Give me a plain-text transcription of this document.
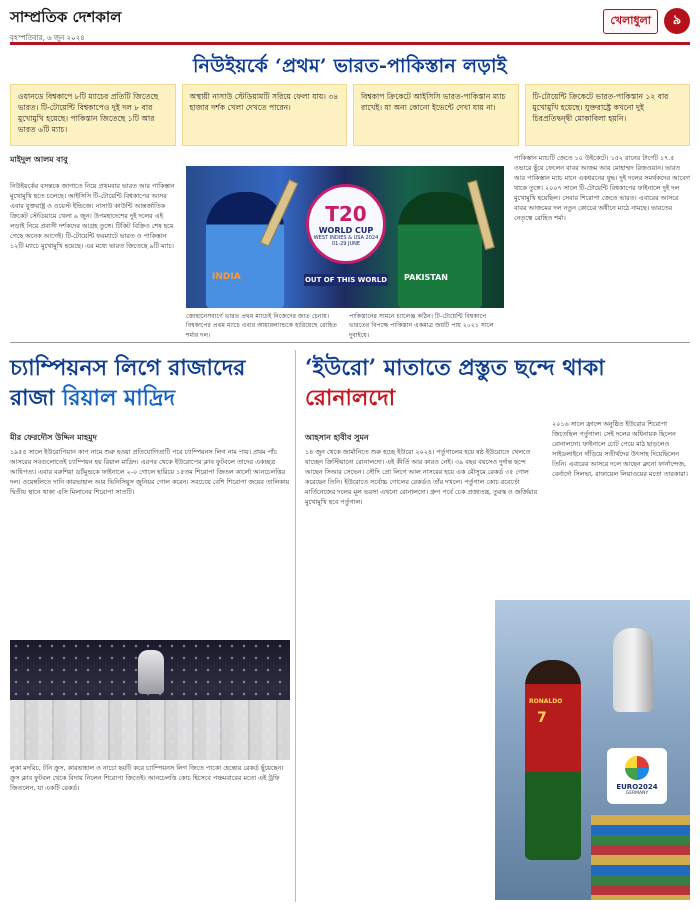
সাম্প্রতিক দেশকাল
বৃহস্পতিবার, ৬ জুন ২০২৪
খেলাধুলা	৯
নিউইয়র্কে ‘প্রথম’ ভারত-পাকিস্তান লড়াই
ওয়ানডে বিশ্বকাপে ৮টি ম্যাচের প্রতিটি জিতেছে ভারত। টি-টোয়েন্টি বিশ্বকাপেও দুই দল ৮ বার মুখোমুখি হয়েছে। পাকিস্তান জিতেছে ১টি আর ভারত ৬টি ম্যাচ।
অস্থায়ী নাসাউ স্টেডিয়ামটি সরিয়ে ফেলা যায়। ৩৪ হাজার দর্শক খেলা দেখতে পারেন।
বিশ্বকাপ ক্রিকেটে আইসিসি ভারত-পাকিস্তান ম্যাচ রাখেই। যা অন্য কোনো ইভেন্টে দেখা যায় না।
টি-টোয়েন্টি ক্রিকেটে ভারত-পাকিস্তান ১২ বার মুখোমুখি হয়েছে। যুক্তরাষ্ট্রে কখনো দুই চিরপ্রতিদ্বন্দ্বী মোকাবিলা হয়নি।
মাইদুল আলম বাবু

নিউইয়র্কের বসন্তকে জাগাতে নিয়ে প্রথমবার ভারত আর পাকিস্তান মুখোমুখি হতে চলেছে। আইসিসি টি-টোয়েন্টি বিশ্বকাপের আসর এবার যুক্তরাষ্ট্র ও ওয়েস্ট ইন্ডিজে। নাসাউ কাউন্টি আন্তর্জাতিক ক্রিকেট স্টেডিয়ামে খেলা ৯ জুন। উপমহাদেশের দুই দলের এই লড়াই নিয়ে প্রবাসী দর্শকদের আগ্রহ তুঙ্গে। টিকিট বিক্রিও শেষ হয়ে গেছে অনেক আগেই। টি-টোয়েন্টি ফরম্যাটে ভারত ও পাকিস্তান ১২টি ম্যাচে মুখোমুখি হয়েছে। এর মধ্যে ভারত জিতেছে ৯টি ম্যাচ।

INDIA
T20
WORLD CUP
WEST INDIES & USA 2024
01-29 JUNE
OUT OF THIS WORLD PAKISTAN

জোহানেসবার্গে ভারত প্রথম ম্যাচেই নিজেদের জাত চেনায়। বিশ্বকাপের প্রথম ম্যাচে এবার আয়ারল্যান্ডকে হারিয়েছে রোহিত শর্মার দল।

পাকিস্তানের সামনে চ্যালেঞ্জ কঠিন। টি-টোয়েন্টি বিশ্বকাপে ভারতের বিপক্ষে পাকিস্তান একমাত্র জয়টি পায় ২০২১ সালে দুবাইয়ে।

পাকিস্তান ম্যাচটি জেতে ১০ উইকেটে। ১৫২ রানের টার্গেট ১৭.৫ ওভারে ছুঁয়ে ফেলেন বাবর আজম আর মোহাম্মদ রিজওয়ান। ভারত আর পাকিস্তান ম্যাচ মানে একধরনের যুদ্ধ। দুই দলের সমর্থকদের আবেগ থাকে তুঙ্গে। ২০০৭ সালে টি-টোয়েন্টি বিশ্বকাপের ফাইনালে দুই দল মুখোমুখি হয়েছিল। সেবার শিরোপা জেতে ভারত। এবারের আসরে বাবর আজমের দল নতুন কোচের অধীনে মাঠে নামছে। ভারতের নেতৃত্বে রোহিত শর্মা।

চ্যাম্পিয়নস লিগে রাজাদের রাজা রিয়াল মাদ্রিদ
মীর ফেরদৌস উদ্দিন মাহমুদ

১৯৫৫ সালে ইউরোপিয়ান কাপ নামে শুরু হওয়া প্রতিযোগিতাটি পরে চ্যাম্পিয়নস লিগ নাম পায়। প্রথম পাঁচ আসরের সবগুলোতেই চ্যাম্পিয়ন হয় রিয়াল মাদ্রিদ। এরপর থেকে ইউরোপের ক্লাব ফুটবলে তাদের একচ্ছত্র আধিপত্য। এবার বরুশিয়া ডর্টমুন্ডকে ফাইনালে ২-০ গোলে হারিয়ে ১৫তম শিরোপা জিতল কার্লো আনচেলত্তির দল। ওয়েম্বলিতে দানি কারভাহাল আর ভিনিসিয়ুস জুনিয়র গোল করেন। সবচেয়ে বেশি শিরোপা জয়ের তালিকায় দ্বিতীয় স্থানে থাকা এসি মিলানের শিরোপা সাতটি।

লুকা মদরিচ, টনি ক্রুস, কারভাহাল ও নাচো ছয়টি করে চ্যাম্পিয়নস লিগ জিতে পাকো হেন্তোর রেকর্ড ছুঁয়েছেন। ক্রুস ক্লাব ফুটবল থেকে বিদায় নিলেন শিরোপা জিতেই। আনচেলত্তি কোচ হিসেবে পঞ্চমবারের মতো এই ট্রফি জিতলেন, যা একটি রেকর্ড।

‘ইউরো’ মাতাতে প্রস্তুত ছন্দে থাকা
রোনালদো
আহসান হাবীব সুমন

১৪ জুন থেকে জার্মানিতে শুরু হচ্ছে ইউরো ২০২৪। পর্তুগালের হয়ে ষষ্ঠ ইউরোতে খেলতে যাচ্ছেন ক্রিস্টিয়ানো রোনালদো। এই কীর্তি আর কারও নেই। ৩৯ বছর বয়সেও দুর্দান্ত ছন্দে আছেন সিআর সেভেন। সৌদি প্রো লিগে আল নাসরের হয়ে এক মৌসুমে রেকর্ড ৩৫ গোল করেছেন তিনি। ইউরোতে সর্বোচ্চ গোলের রেকর্ডও তাঁর দখলে। পর্তুগাল কোচ রবের্তো মার্তিনেজের দলের মূল ভরসা এখনো রোনালদো। গ্রুপ পর্বে চেক প্রজাতন্ত্র, তুরস্ক ও জর্জিয়ার মুখোমুখি হবে পর্তুগাল।

২০১৬ সালে ফ্রান্সে অনুষ্ঠিত ইউরোর শিরোপা জিতেছিল পর্তুগাল। সেই দলের অধিনায়ক ছিলেন রোনালদো। ফাইনালে চোট পেয়ে মাঠ ছাড়লেও সাইডলাইনে দাঁড়িয়ে সতীর্থদের উৎসাহ দিয়েছিলেন তিনি। এবারের আসরে দলে আছেন ব্রুনো ফার্নান্দেজ, বের্নার্দো সিলভা, রাফায়েল লিয়াওয়ের মতো তারকারা।

RONALDO
7
EURO2024
GERMANY
